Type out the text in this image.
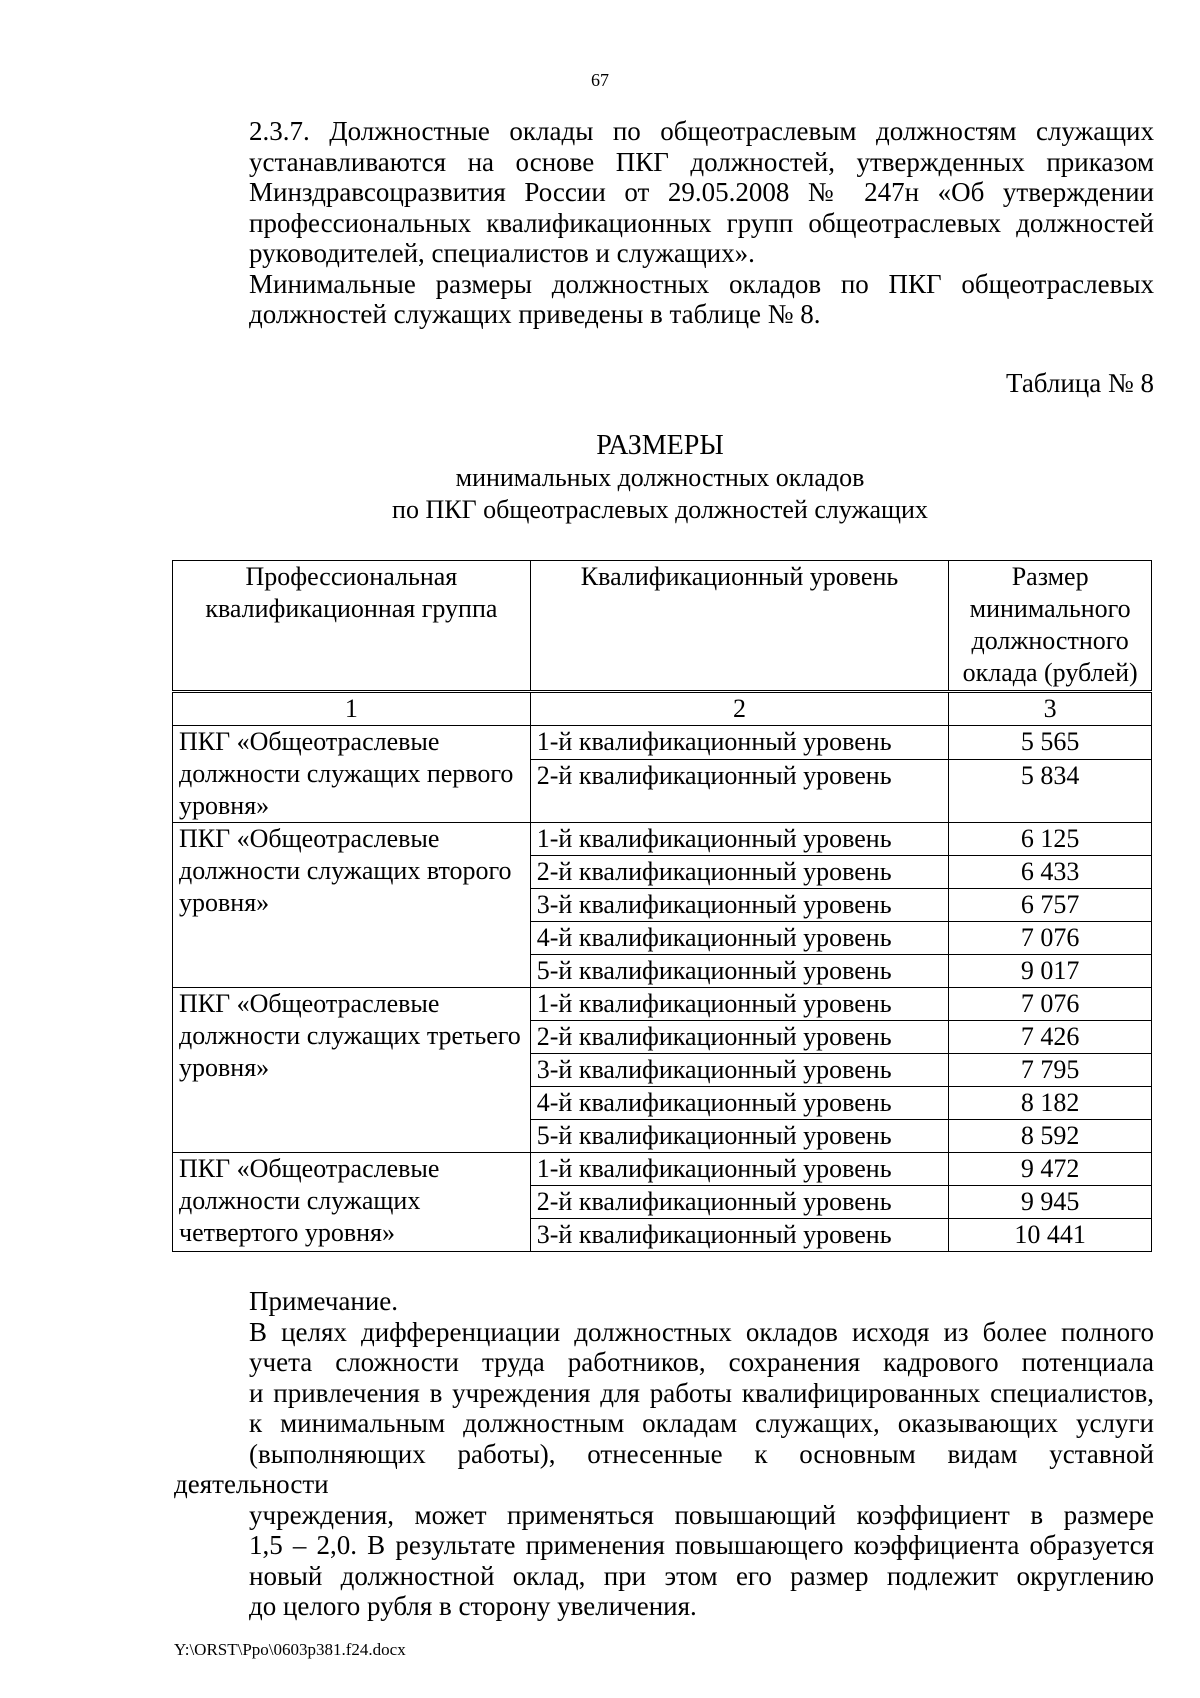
67

2.3.7. Должностные оклады по общеотраслевым должностям служащих
устанавливаются на основе ПКГ должностей, утвержденных приказом
Минздравсоцразвития России от 29.05.2008 № 247н «Об утверждении
профессиональных квалификационных групп общеотраслевых должностей
руководителей, специалистов и служащих».

Минимальные размеры должностных окладов по ПКГ общеотраслевых
должностей служащих приведены в таблице № 8.

Таблица № 8
РАЗМЕРЫ
минимальных должностных окладов
по ПКГ общеотраслевых должностей служащих
Профессиональная квалификационная группа	Квалификационный уровень	Размер минимального должностного оклада (рублей)
1	2	3
ПКГ «Общеотраслевые должности служащих первого уровня»	1-й квалификационный уровень	5 565
	2-й квалификационный уровень	5 834
ПКГ «Общеотраслевые должности служащих второго уровня»	1-й квалификационный уровень	6 125
	2-й квалификационный уровень	6 433
	3-й квалификационный уровень	6 757
	4-й квалификационный уровень	7 076
	5-й квалификационный уровень	9 017
ПКГ «Общеотраслевые должности служащих третьего уровня»	1-й квалификационный уровень	7 076
	2-й квалификационный уровень	7 426
	3-й квалификационный уровень	7 795
	4-й квалификационный уровень	8 182
	5-й квалификационный уровень	8 592
ПКГ «Общеотраслевые должности служащих четвертого уровня»	1-й квалификационный уровень	9 472
	2-й квалификационный уровень	9 945
	3-й квалификационный уровень	10 441

Примечание.

В целях дифференциации должностных окладов исходя из более полного
учета сложности труда работников, сохранения кадрового потенциала
и привлечения в учреждения для работы квалифицированных специалистов,
к минимальным должностным окладам служащих, оказывающих услуги
(выполняющих работы), отнесенные к основным видам уставной деятельности
учреждения, может применяться повышающий коэффициент в размере
1,5 – 2,0. В результате применения повышающего коэффициента образуется
новый должностной оклад, при этом его размер подлежит округлению
до целого рубля в сторону увеличения.

Y:\ORST\Ppo\0603p381.f24.docx
